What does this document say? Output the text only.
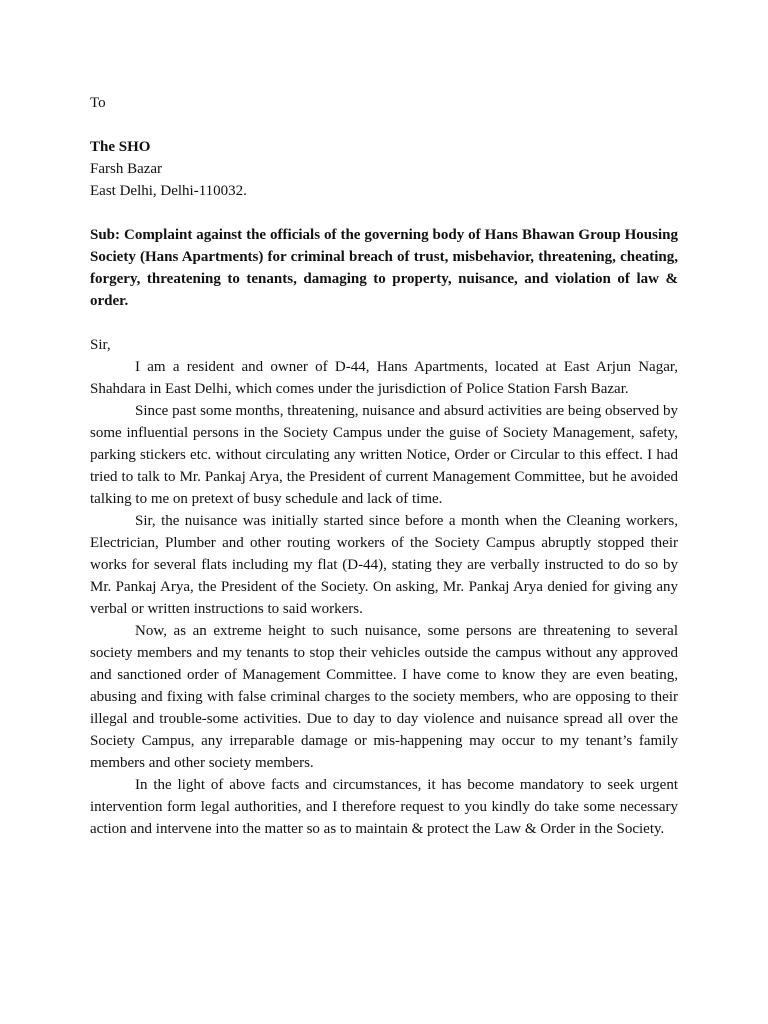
To

The SHO
Farsh Bazar
East Delhi, Delhi-110032.

Sub: Complaint against the officials of the governing body of Hans Bhawan Group Housing Society (Hans Apartments) for criminal breach of trust, misbehavior, threatening, cheating, forgery, threatening to tenants, damaging to property, nuisance, and violation of law & order.

Sir,

I am a resident and owner of D-44, Hans Apartments, located at East Arjun Nagar, Shahdara in East Delhi, which comes under the jurisdiction of Police Station Farsh Bazar.

Since past some months, threatening, nuisance and absurd activities are being observed by some influential persons in the Society Campus under the guise of Society Management, safety, parking stickers etc. without circulating any written Notice, Order or Circular to this effect. I had tried to talk to Mr. Pankaj Arya, the President of current Management Committee, but he avoided talking to me on pretext of busy schedule and lack of time.

Sir, the nuisance was initially started since before a month when the Cleaning workers, Electrician, Plumber and other routing workers of the Society Campus abruptly stopped their works for several flats including my flat (D-44), stating they are verbally instructed to do so by Mr. Pankaj Arya, the President of the Society. On asking, Mr. Pankaj Arya denied for giving any verbal or written instructions to said workers.

Now, as an extreme height to such nuisance, some persons are threatening to several society members and my tenants to stop their vehicles outside the campus without any approved and sanctioned order of Management Committee. I have come to know they are even beating, abusing and fixing with false criminal charges to the society members, who are opposing to their illegal and trouble-some activities. Due to day to day violence and nuisance spread all over the Society Campus, any irreparable damage or mis-happening may occur to my tenant’s family members and other society members.

In the light of above facts and circumstances, it has become mandatory to seek urgent intervention form legal authorities, and I therefore request to you kindly do take some necessary action and intervene into the matter so as to maintain & protect the Law & Order in the Society.
